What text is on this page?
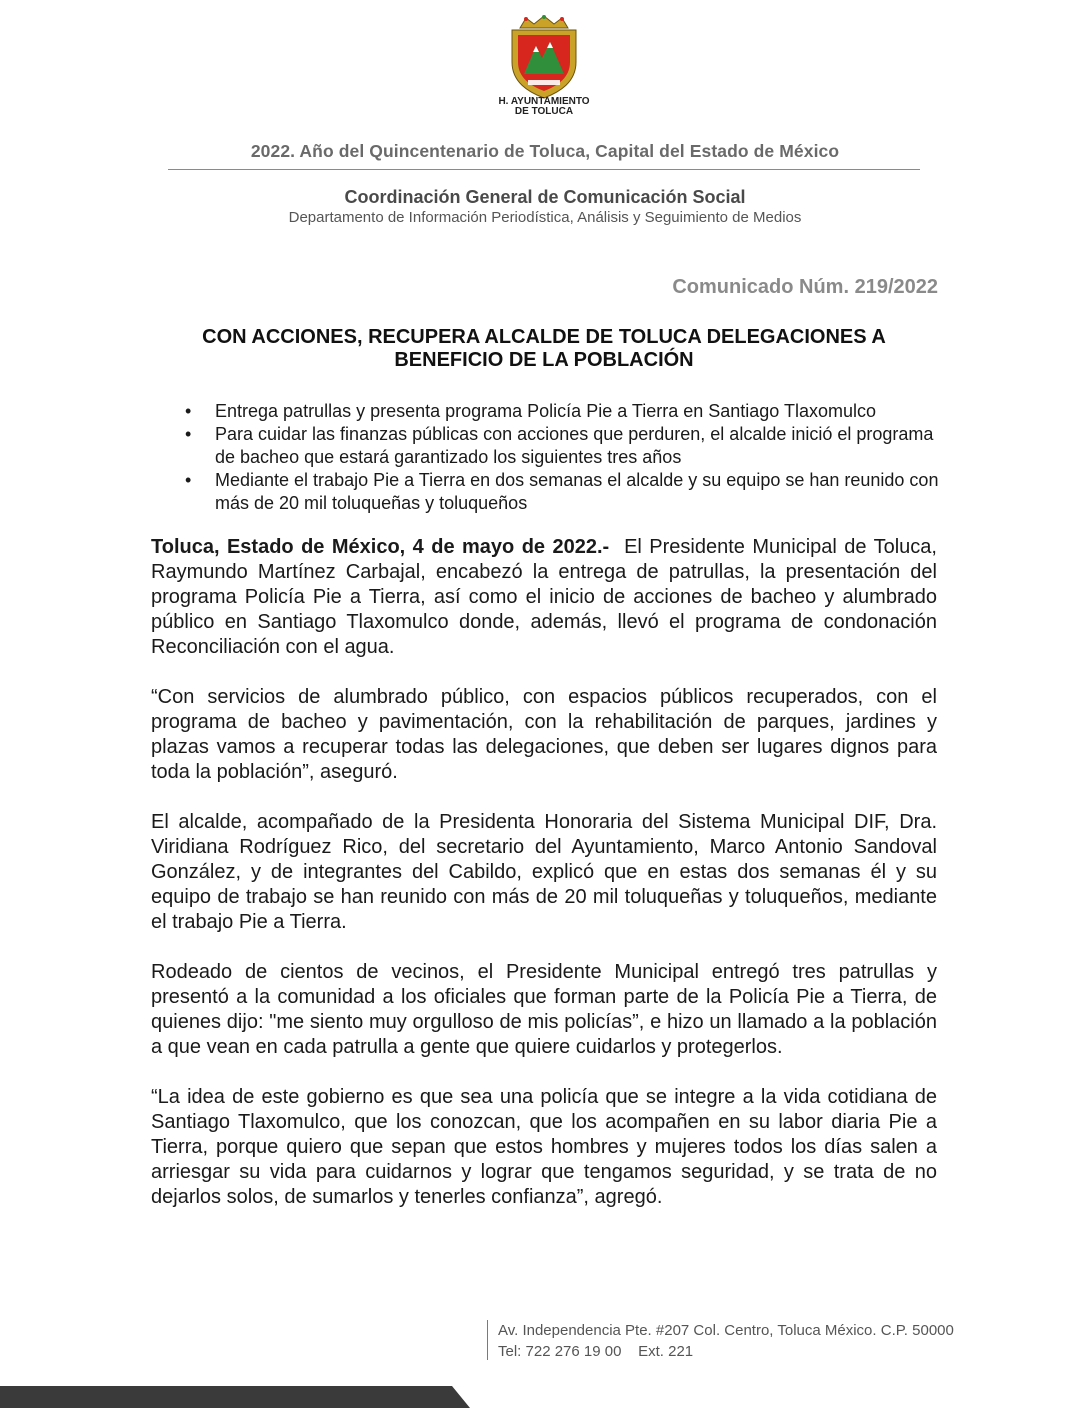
H. AYUNTAMIENTO
DE TOLUCA
2022. Año del Quincentenario de Toluca, Capital del Estado de México
Coordinación General de Comunicación Social
Departamento de Información Periodística, Análisis y Seguimiento de Medios
Comunicado Núm. 219/2022
CON ACCIONES, RECUPERA ALCALDE DE TOLUCA DELEGACIONES A
BENEFICIO DE LA POBLACIÓN
• Entrega patrullas y presenta programa Policía Pie a Tierra en Santiago Tlaxomulco
• Para cuidar las finanzas públicas con acciones que perduren, el alcalde inició el programa de bacheo que estará garantizado los siguientes tres años
• Mediante el trabajo Pie a Tierra en dos semanas el alcalde y su equipo se han reunido con más de 20 mil toluqueñas y toluqueños

Toluca, Estado de México, 4 de mayo de 2022.- El Presidente Municipal de Toluca, Raymundo Martínez Carbajal, encabezó la entrega de patrullas, la presentación del programa Policía Pie a Tierra, así como el inicio de acciones de bacheo y alumbrado público en Santiago Tlaxomulco donde, además, llevó el programa de condonación Reconciliación con el agua.

“Con servicios de alumbrado público, con espacios públicos recuperados, con el programa de bacheo y pavimentación, con la rehabilitación de parques, jardines y plazas vamos a recuperar todas las delegaciones, que deben ser lugares dignos para toda la población”, aseguró.

El alcalde, acompañado de la Presidenta Honoraria del Sistema Municipal DIF, Dra. Viridiana Rodríguez Rico, del secretario del Ayuntamiento, Marco Antonio Sandoval González, y de integrantes del Cabildo, explicó que en estas dos semanas él y su equipo de trabajo se han reunido con más de 20 mil toluqueñas y toluqueños, mediante el trabajo Pie a Tierra.

Rodeado de cientos de vecinos, el Presidente Municipal entregó tres patrullas y presentó a la comunidad a los oficiales que forman parte de la Policía Pie a Tierra, de quienes dijo: "me siento muy orgulloso de mis policías”, e hizo un llamado a la población a que vean en cada patrulla a gente que quiere cuidarlos y protegerlos.

“La idea de este gobierno es que sea una policía que se integre a la vida cotidiana de Santiago Tlaxomulco, que los conozcan, que los acompañen en su labor diaria Pie a Tierra, porque quiero que sepan que estos hombres y mujeres todos los días salen a arriesgar su vida para cuidarnos y lograr que tengamos seguridad, y se trata de no dejarlos solos, de sumarlos y tenerles confianza”, agregó.

Av. Independencia Pte. #207 Col. Centro, Toluca México. C.P. 50000
Tel: 722 276 19 00    Ext. 221
